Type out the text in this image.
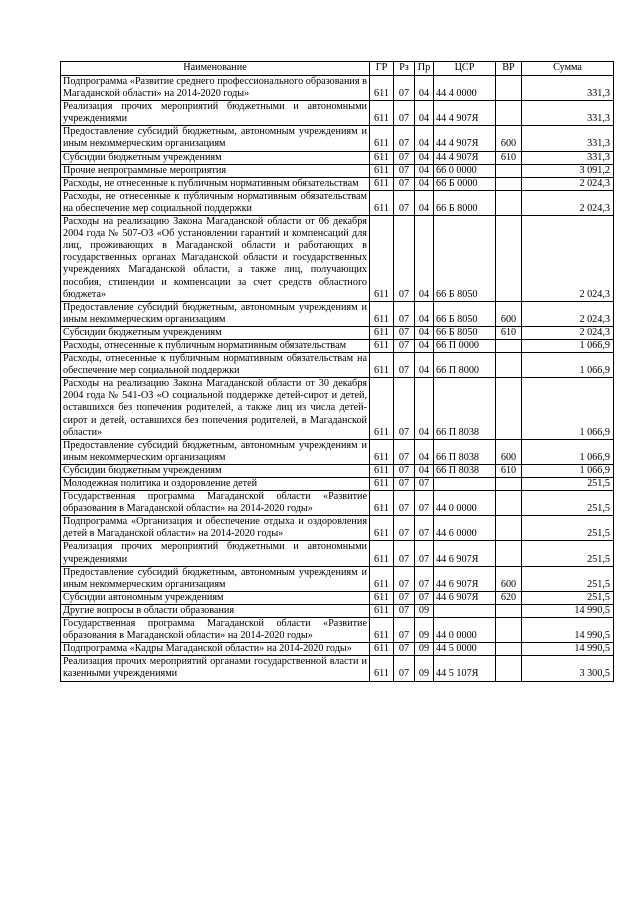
Наименование	ГР	Рз	Пр	ЦСР	ВР	Сумма
Подпрограмма «Развитие среднего профессионального образования в Магаданской области» на 2014-2020 годы»	611	07	04	44 4 0000		331,3
Реализация прочих мероприятий бюджетными и автономными учреждениями	611	07	04	44 4 907Я		331,3
Предоставление субсидий бюджетным, автономным учреждениям и иным некоммерческим организациям	611	07	04	44 4 907Я	600	331,3
Субсидии бюджетным учреждениям	611	07	04	44 4 907Я	610	331,3
Прочие непрограммные мероприятия	611	07	04	66 0 0000		3 091,2
Расходы, не отнесенные к публичным нормативным обязательствам	611	07	04	66 Б 0000		2 024,3
Расходы, не отнесенные к публичным нормативным обязательствам на обеспечение мер социальной поддержки	611	07	04	66 Б 8000		2 024,3
Расходы на реализацию Закона Магаданской области от 06 декабря 2004 года № 507-ОЗ «Об установлении гарантий и компенсаций для лиц, проживающих в Магаданской области и работающих в государственных органах Магаданской области и государственных учреждениях Магаданской области, а также лиц, получающих пособия, стипендии и компенсации за счет средств областного бюджета»	611	07	04	66 Б 8050		2 024,3
Предоставление субсидий бюджетным, автономным учреждениям и иным некоммерческим организациям	611	07	04	66 Б 8050	600	2 024,3
Субсидии бюджетным учреждениям	611	07	04	66 Б 8050	610	2 024,3
Расходы, отнесенные к публичным нормативным обязательствам	611	07	04	66 П 0000		1 066,9
Расходы, отнесенные к публичным нормативным обязательствам на обеспечение мер социальной поддержки	611	07	04	66 П 8000		1 066,9
Расходы на реализацию Закона Магаданской области от 30 декабря 2004 года № 541-ОЗ «О социальной поддержке детей-сирот и детей, оставшихся без попечения родителей, а также лиц из числа детей-сирот и детей, оставшихся без попечения родителей, в Магаданской области»	611	07	04	66 П 8038		1 066,9
Предоставление субсидий бюджетным, автономным учреждениям и иным некоммерческим организациям	611	07	04	66 П 8038	600	1 066,9
Субсидии бюджетным учреждениям	611	07	04	66 П 8038	610	1 066,9
Молодежная политика и оздоровление детей	611	07	07			251,5
Государственная программа Магаданской области «Развитие образования в Магаданской области» на 2014-2020 годы»	611	07	07	44 0 0000		251,5
Подпрограмма «Организация и обеспечение отдыха и оздоровления детей в Магаданской области» на 2014-2020 годы»	611	07	07	44 6 0000		251,5
Реализация прочих мероприятий бюджетными и автономными учреждениями	611	07	07	44 6 907Я		251,5
Предоставление субсидий бюджетным, автономным учреждениям и иным некоммерческим организациям	611	07	07	44 6 907Я	600	251,5
Субсидии автономным учреждениям	611	07	07	44 6 907Я	620	251,5
Другие вопросы в области образования	611	07	09			14 990,5
Государственная программа Магаданской области «Развитие образования в Магаданской области» на 2014-2020 годы»	611	07	09	44 0 0000		14 990,5
Подпрограмма «Кадры Магаданской области» на 2014-2020 годы»	611	07	09	44 5 0000		14 990,5
Реализация прочих мероприятий органами государственной власти и казенными учреждениями	611	07	09	44 5 107Я		3 300,5
